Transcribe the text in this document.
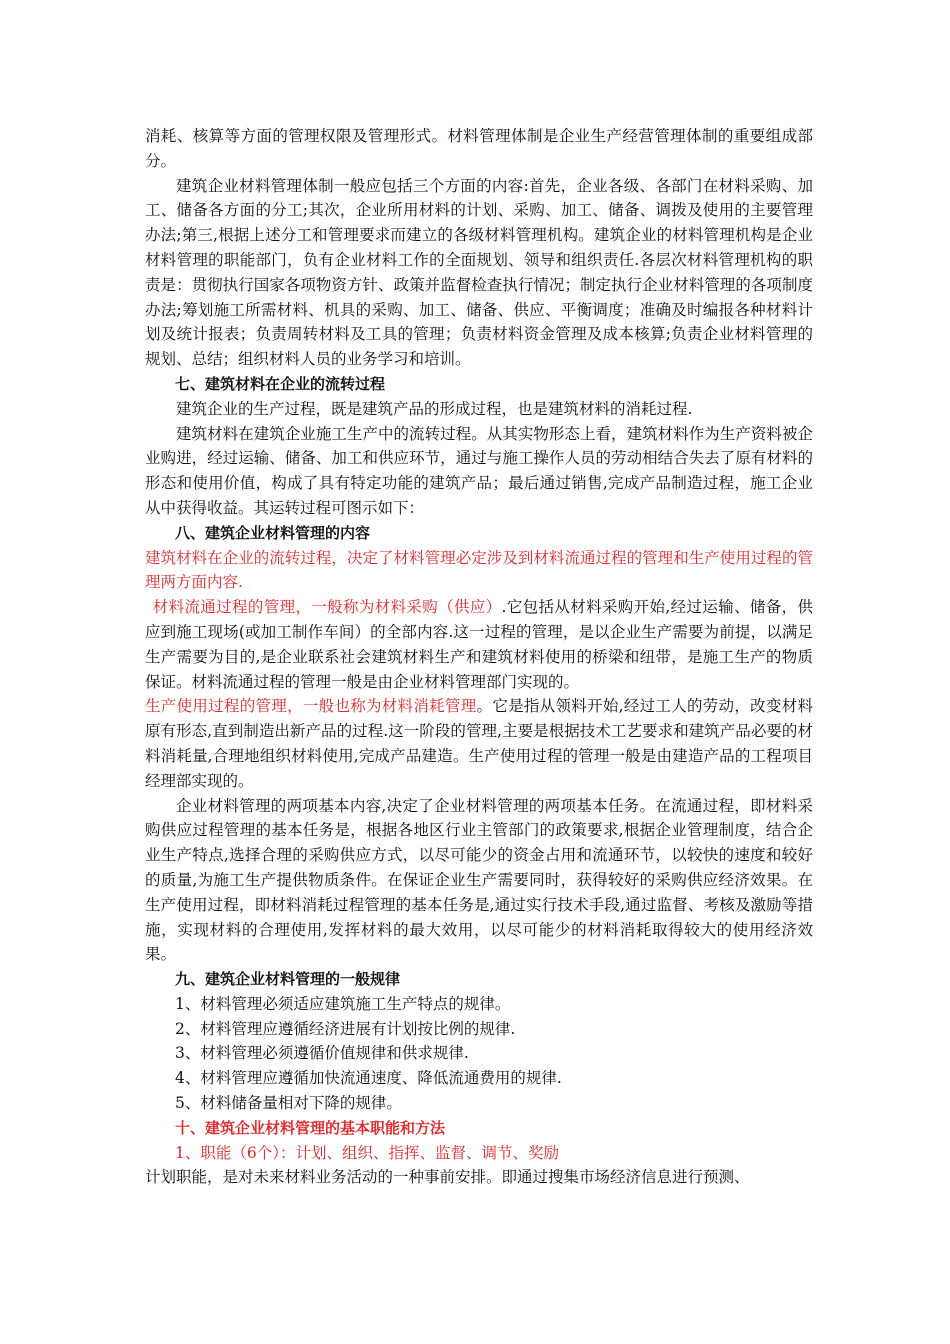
消耗、核算等方面的管理权限及管理形式。材料管理体制是企业生产经营管理体制的重要组成部分。

建筑企业材料管理体制一般应包括三个方面的内容:首先，企业各级、各部门在材料采购、加工、储备各方面的分工;其次，企业所用材料的计划、采购、加工、储备、调拨及使用的主要管理办法;第三,根据上述分工和管理要求而建立的各级材料管理机构。建筑企业的材料管理机构是企业材料管理的职能部门，负有企业材料工作的全面规划、领导和组织责任.各层次材料管理机构的职责是：贯彻执行国家各项物资方针、政策并监督检查执行情况；制定执行企业材料管理的各项制度办法;筹划施工所需材料、机具的采购、加工、储备、供应、平衡调度；准确及时编报各种材料计划及统计报表；负责周转材料及工具的管理；负责材料资金管理及成本核算;负责企业材料管理的规划、总结；组织材料人员的业务学习和培训。

七、建筑材料在企业的流转过程

建筑企业的生产过程，既是建筑产品的形成过程，也是建筑材料的消耗过程.

建筑材料在建筑企业施工生产中的流转过程。从其实物形态上看，建筑材料作为生产资料被企业购进，经过运输、储备、加工和供应环节，通过与施工操作人员的劳动相结合失去了原有材料的形态和使用价值，构成了具有特定功能的建筑产品；最后通过销售,完成产品制造过程，施工企业从中获得收益。其运转过程可图示如下：

八、建筑企业材料管理的内容

建筑材料在企业的流转过程，决定了材料管理必定涉及到材料流通过程的管理和生产使用过程的管理两方面内容.

材料流通过程的管理，一般称为材料采购（供应）.它包括从材料采购开始,经过运输、储备，供应到施工现场(或加工制作车间）的全部内容.这一过程的管理，是以企业生产需要为前提，以满足生产需要为目的,是企业联系社会建筑材料生产和建筑材料使用的桥梁和纽带，是施工生产的物质保证。材料流通过程的管理一般是由企业材料管理部门实现的。

生产使用过程的管理，一般也称为材料消耗管理。它是指从领料开始,经过工人的劳动，改变材料原有形态,直到制造出新产品的过程.这一阶段的管理,主要是根据技术工艺要求和建筑产品必要的材料消耗量,合理地组织材料使用,完成产品建造。生产使用过程的管理一般是由建造产品的工程项目经理部实现的。

企业材料管理的两项基本内容,决定了企业材料管理的两项基本任务。在流通过程，即材料采购供应过程管理的基本任务是，根据各地区行业主管部门的政策要求,根据企业管理制度，结合企业生产特点,选择合理的采购供应方式，以尽可能少的资金占用和流通环节，以较快的速度和较好的质量,为施工生产提供物质条件。在保证企业生产需要同时，获得较好的采购供应经济效果。在生产使用过程，即材料消耗过程管理的基本任务是,通过实行技术手段,通过监督、考核及激励等措施，实现材料的合理使用,发挥材料的最大效用，以尽可能少的材料消耗取得较大的使用经济效果。

九、建筑企业材料管理的一般规律

1、材料管理必须适应建筑施工生产特点的规律。

2、材料管理应遵循经济进展有计划按比例的规律.

3、材料管理必须遵循价值规律和供求规律.

4、材料管理应遵循加快流通速度、降低流通费用的规律.

5、材料储备量相对下降的规律。

十、建筑企业材料管理的基本职能和方法

1、职能（6个）：计划、组织、指挥、监督、调节、奖励

计划职能，是对未来材料业务活动的一种事前安排。即通过搜集市场经济信息进行预测、
